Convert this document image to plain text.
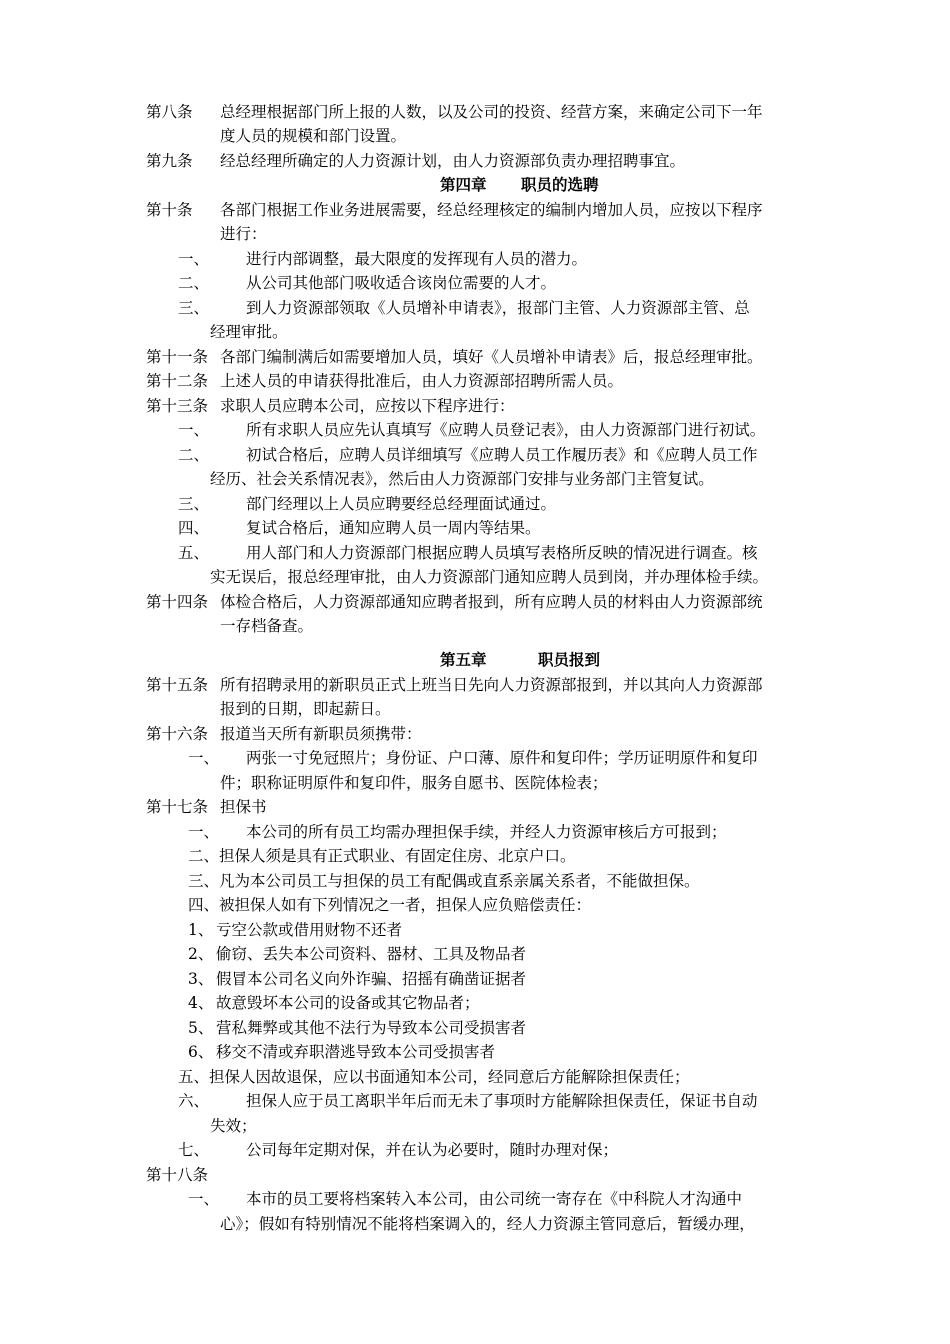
第八条 总经理根据部门所上报的人数，以及公司的投资、经营方案，来确定公司下一年
度人员的规模和部门设置。
第九条 经总经理所确定的人力资源计划，由人力资源部负责办理招聘事宜。
第四章 职员的选聘
第十条 各部门根据工作业务进展需要，经总经理核定的编制内增加人员，应按以下程序
进行：
一、 进行内部调整，最大限度的发挥现有人员的潜力。
二、 从公司其他部门吸收适合该岗位需要的人才。
三、 到人力资源部领取《人员增补申请表》，报部门主管、人力资源部主管、总
经理审批。
第十一条 各部门编制满后如需要增加人员，填好《人员增补申请表》后，报总经理审批。
第十二条 上述人员的申请获得批准后，由人力资源部招聘所需人员。
第十三条 求职人员应聘本公司，应按以下程序进行：
一、 所有求职人员应先认真填写《应聘人员登记表》，由人力资源部门进行初试。
二、 初试合格后，应聘人员详细填写《应聘人员工作履历表》和《应聘人员工作
经历、社会关系情况表》，然后由人力资源部门安排与业务部门主管复试。
三、 部门经理以上人员应聘要经总经理面试通过。
四、 复试合格后，通知应聘人员一周内等结果。
五、 用人部门和人力资源部门根据应聘人员填写表格所反映的情况进行调查。核
实无误后，报总经理审批，由人力资源部门通知应聘人员到岗，并办理体检手续。
第十四条 体检合格后，人力资源部通知应聘者报到，所有应聘人员的材料由人力资源部统
一存档备查。
第五章	职员报到
第十五条 所有招聘录用的新职员正式上班当日先向人力资源部报到，并以其向人力资源部
报到的日期，即起薪日。
第十六条 报道当天所有新职员须携带：
一、 两张一寸免冠照片；身份证、户口薄、原件和复印件；学历证明原件和复印
件；职称证明原件和复印件，服务自愿书、医院体检表；
第十七条 担保书
一、 本公司的所有员工均需办理担保手续，并经人力资源审核后方可报到；
二、担保人须是具有正式职业、有固定住房、北京户口。
三、凡为本公司员工与担保的员工有配偶或直系亲属关系者，不能做担保。
四、被担保人如有下列情况之一者，担保人应负赔偿责任：
1、 亏空公款或借用财物不还者
2、 偷窃、丢失本公司资料、器材、工具及物品者
3、 假冒本公司名义向外诈骗、招摇有确凿证据者
4、 故意毁坏本公司的设备或其它物品者；
5、 营私舞弊或其他不法行为导致本公司受损害者
6、 移交不清或弃职潜逃导致本公司受损害者
五、担保人因故退保，应以书面通知本公司，经同意后方能解除担保责任；
六、 担保人应于员工离职半年后而无未了事项时方能解除担保责任，保证书自动
失效；
七、 公司每年定期对保，并在认为必要时，随时办理对保；
第十八条
一、 本市的员工要将档案转入本公司，由公司统一寄存在《中科院人才沟通中
心》；假如有特别情况不能将档案调入的，经人力资源主管同意后，暂缓办理，
